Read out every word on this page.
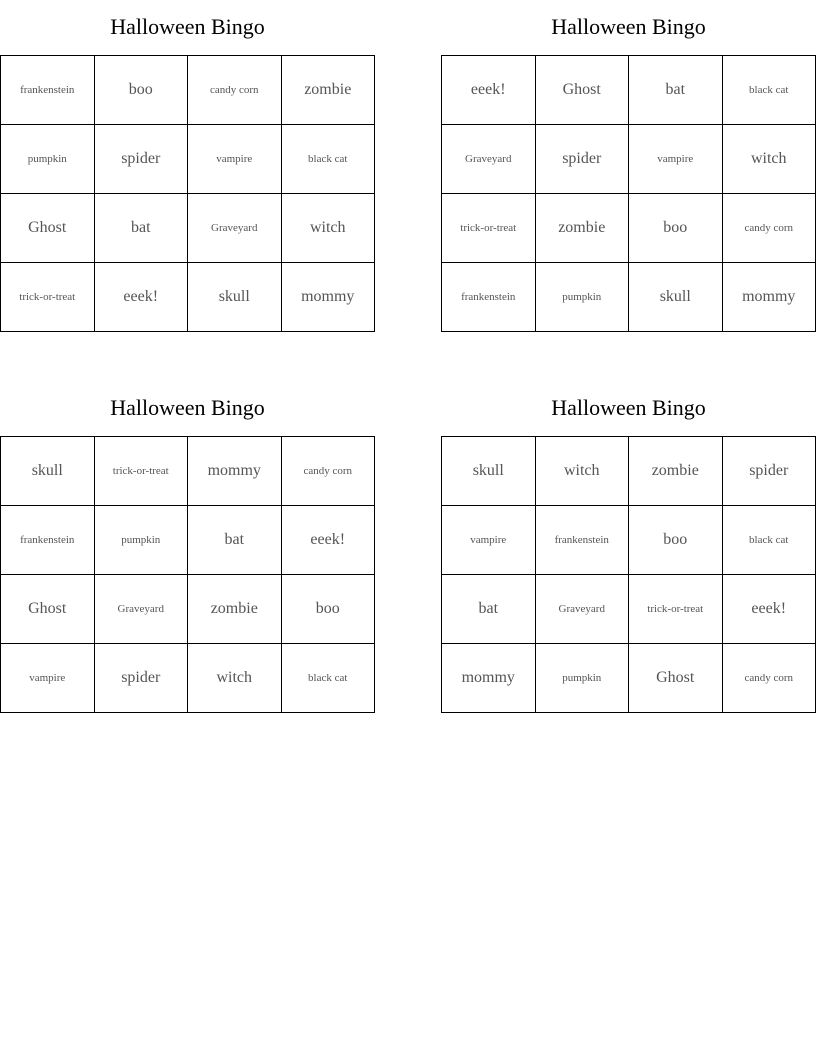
Halloween Bingo
frankenstein	boo	candy corn	zombie
pumpkin	spider	vampire	black cat
Ghost	bat	Graveyard	witch
trick-or-treat	eeek!	skull	mommy
Halloween Bingo
eeek!	Ghost	bat	black cat
Graveyard	spider	vampire	witch
trick-or-treat	zombie	boo	candy corn
frankenstein	pumpkin	skull	mommy
Halloween Bingo
skull	trick-or-treat	mommy	candy corn
frankenstein	pumpkin	bat	eeek!
Ghost	Graveyard	zombie	boo
vampire	spider	witch	black cat
Halloween Bingo
skull	witch	zombie	spider
vampire	frankenstein	boo	black cat
bat	Graveyard	trick-or-treat	eeek!
mommy	pumpkin	Ghost	candy corn
